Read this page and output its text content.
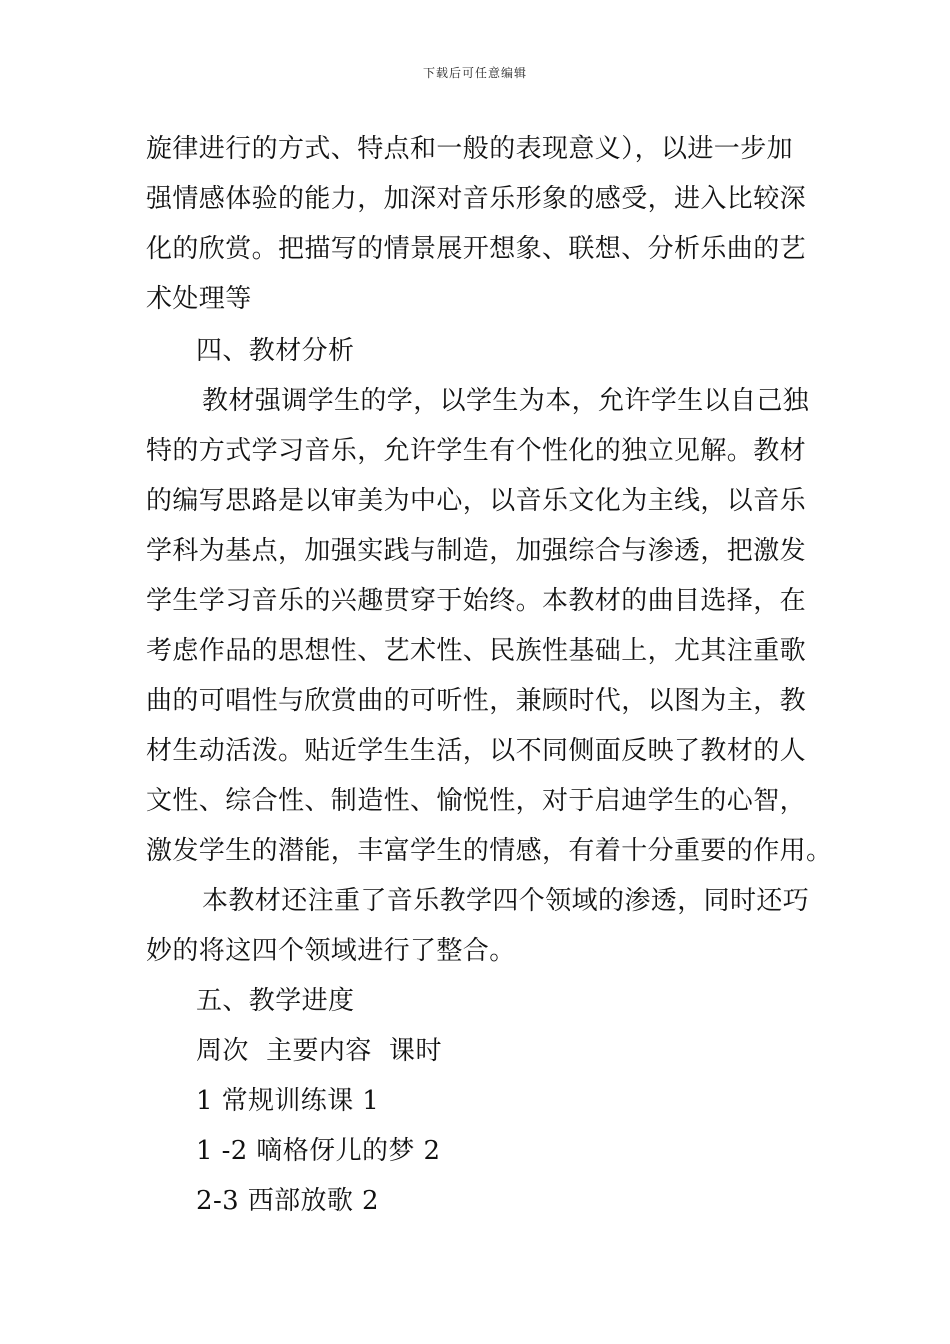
下载后可任意编辑
旋律进行的方式、特点和一般的表现意义），以进一步加
强情感体验的能力，加深对音乐形象的感受，进入比较深
化的欣赏。把描写的情景展开想象、联想、分析乐曲的艺
术处理等
四、教材分析
教材强调学生的学，以学生为本，允许学生以自己独
特的方式学习音乐，允许学生有个性化的独立见解。教材
的编写思路是以审美为中心，以音乐文化为主线，以音乐
学科为基点，加强实践与制造，加强综合与渗透，把激发
学生学习音乐的兴趣贯穿于始终。本教材的曲目选择，在
考虑作品的思想性、艺术性、民族性基础上，尤其注重歌
曲的可唱性与欣赏曲的可听性，兼顾时代，以图为主，教
材生动活泼。贴近学生生活，以不同侧面反映了教材的人
文性、综合性、制造性、愉悦性，对于启迪学生的心智，
激发学生的潜能，丰富学生的情感，有着十分重要的作用。
本教材还注重了音乐教学四个领域的渗透，同时还巧
妙的将这四个领域进行了整合。
五、教学进度
周次  主要内容  课时
1 常规训练课 1
1 -2 嘀格伢儿的梦 2
2-3 西部放歌 2
